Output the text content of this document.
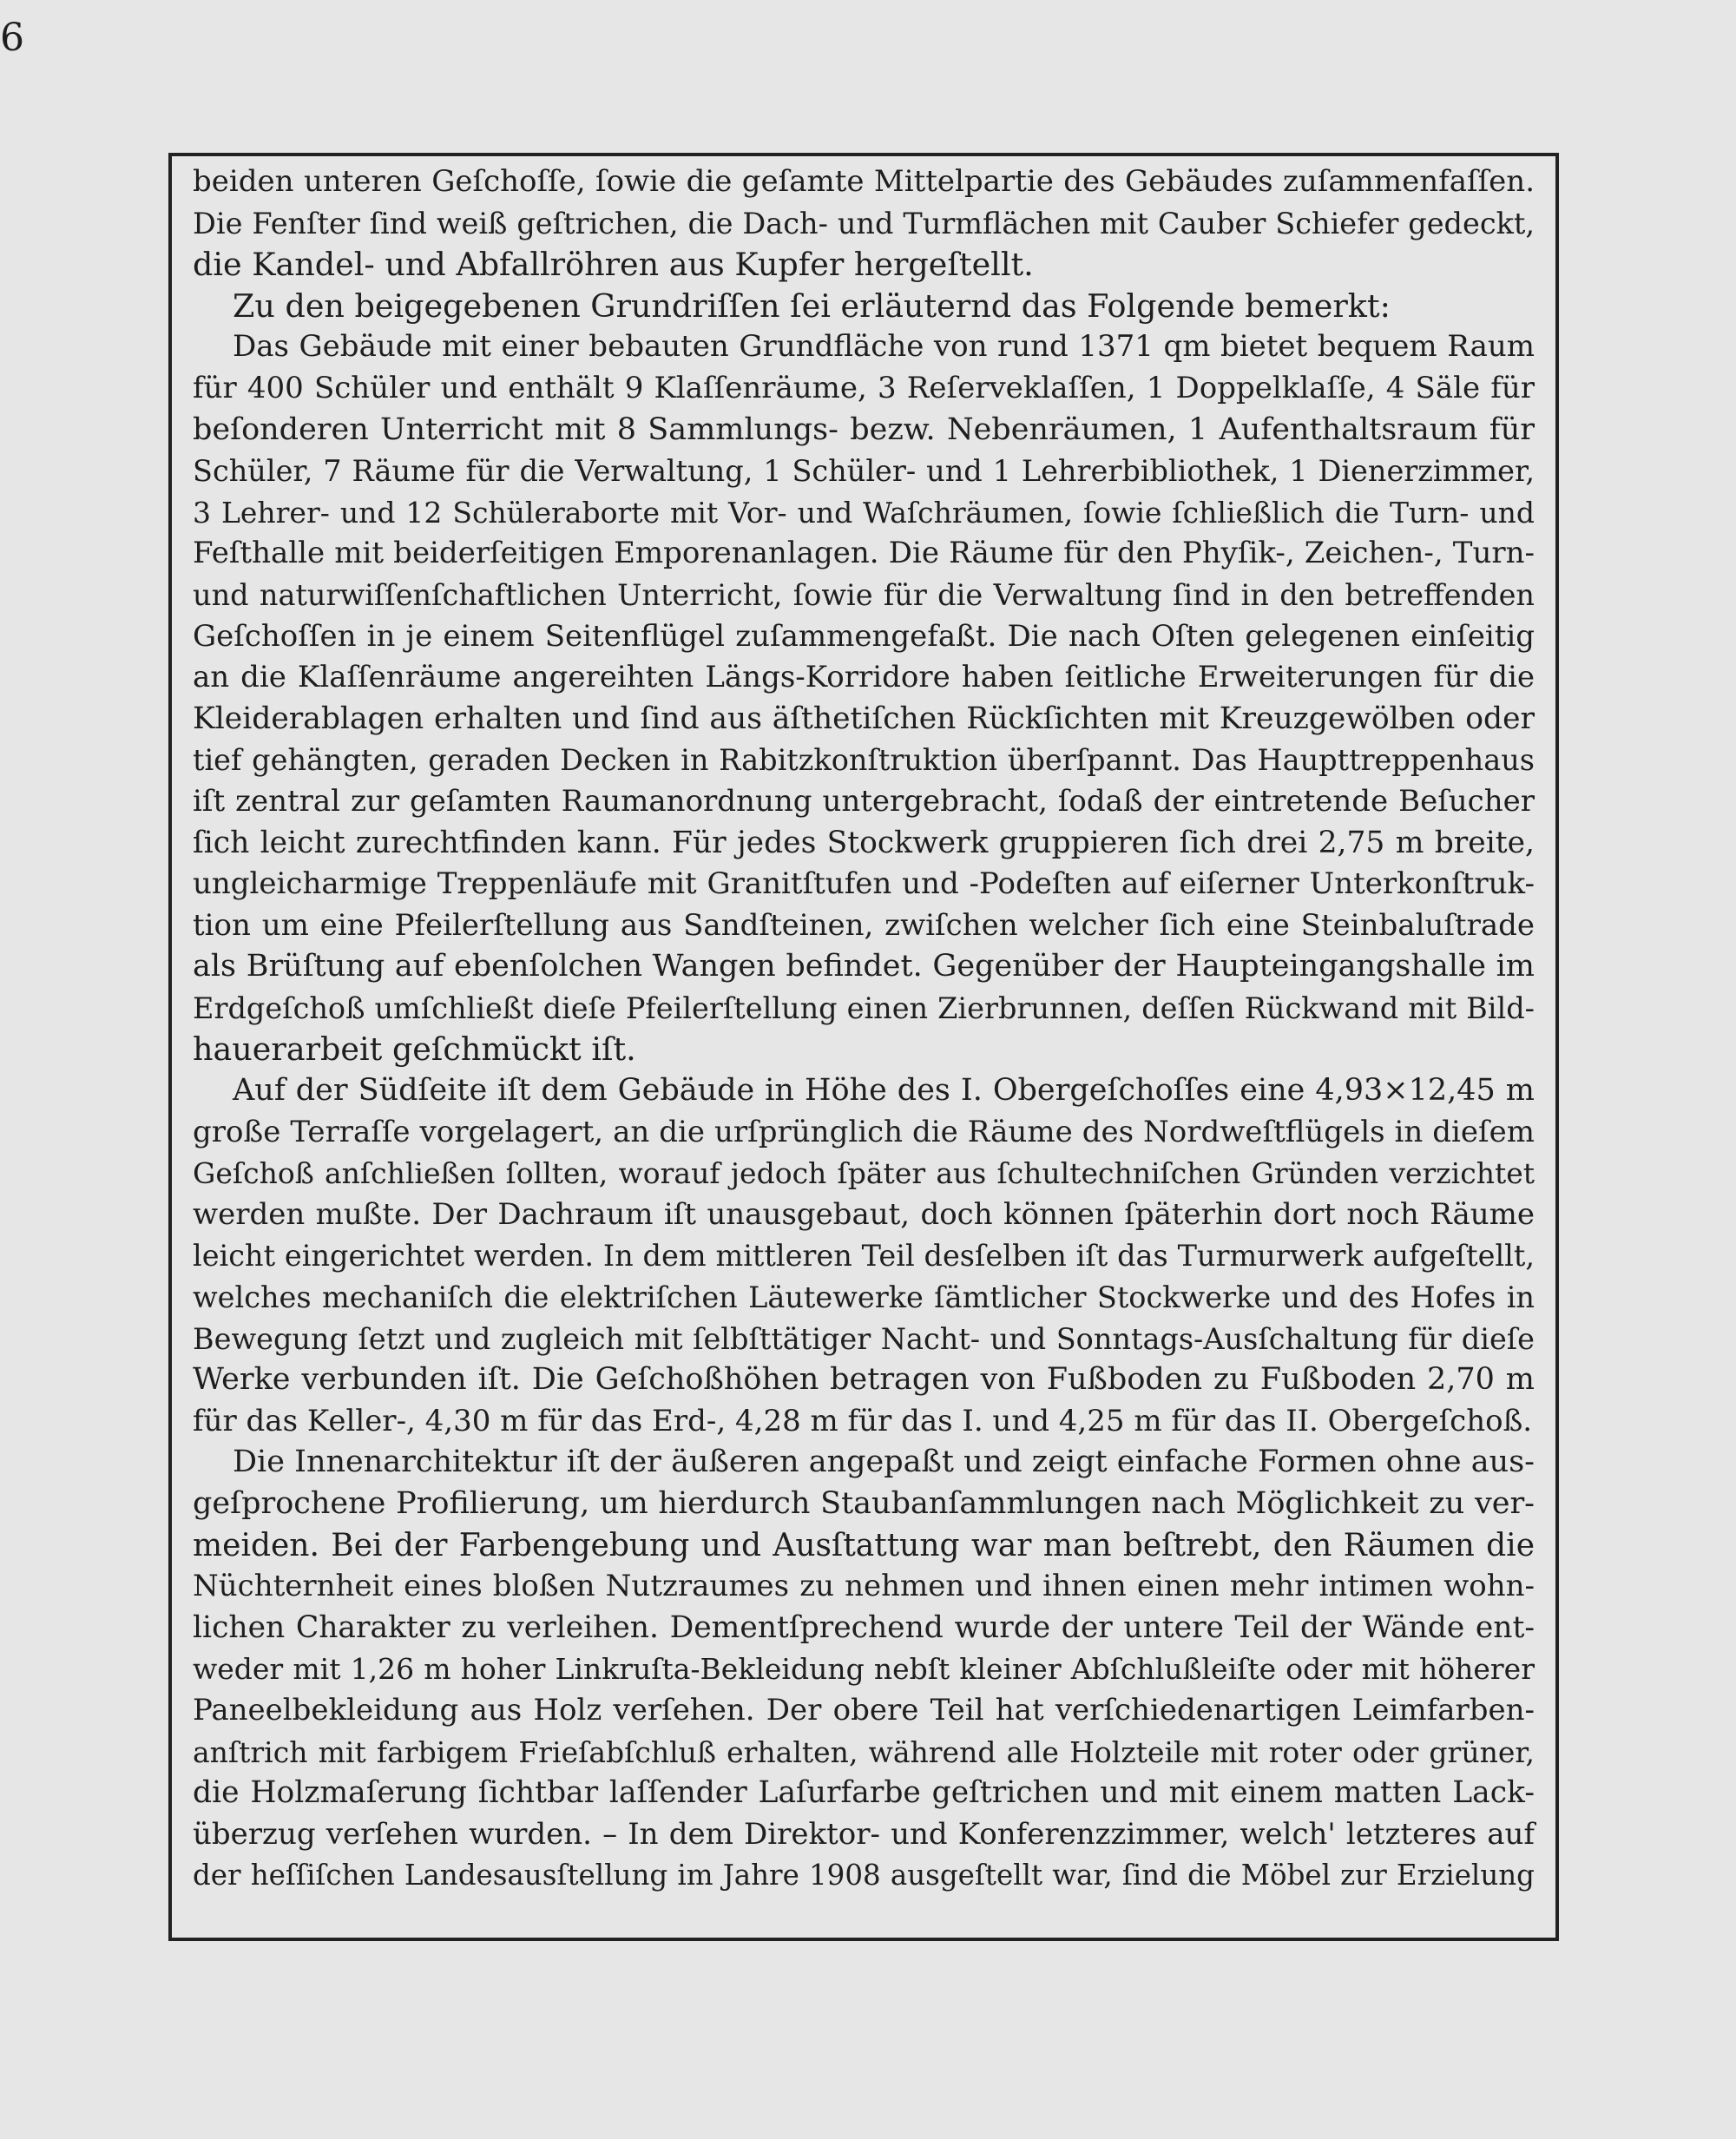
6
beiden unteren Geſchoſſe, ſowie die geſamte Mittelpartie des Gebäudes zuſammenfaſſen.
Die Fenſter ſind weiß geſtrichen, die Dach- und Turmflächen mit Cauber Schiefer gedeckt,
die Kandel- und Abfallröhren aus Kupfer hergeſtellt.
Zu den beigegebenen Grundriſſen ſei erläuternd das Folgende bemerkt:
Das Gebäude mit einer bebauten Grundfläche von rund 1371 qm bietet bequem Raum
für 400 Schüler und enthält 9 Klaſſenräume, 3 Reſerveklaſſen, 1 Doppelklaſſe, 4 Säle für
beſonderen Unterricht mit 8 Sammlungs- bezw. Nebenräumen, 1 Aufenthaltsraum für
Schüler, 7 Räume für die Verwaltung, 1 Schüler- und 1 Lehrerbibliothek, 1 Dienerzimmer,
3 Lehrer- und 12 Schüleraborte mit Vor- und Waſchräumen, ſowie ſchließlich die Turn- und
Feſthalle mit beiderſeitigen Emporenanlagen. Die Räume für den Phyſik-, Zeichen-, Turn-
und naturwiſſenſchaftlichen Unterricht, ſowie für die Verwaltung ſind in den betreffenden
Geſchoſſen in je einem Seitenflügel zuſammengefaßt. Die nach Oſten gelegenen einſeitig
an die Klaſſenräume angereihten Längs-Korridore haben ſeitliche Erweiterungen für die
Kleiderablagen erhalten und ſind aus äſthetiſchen Rückſichten mit Kreuzgewölben oder
tief gehängten, geraden Decken in Rabitzkonſtruktion überſpannt. Das Haupttreppenhaus
iſt zentral zur geſamten Raumanordnung untergebracht, ſodaß der eintretende Beſucher
ſich leicht zurechtfinden kann. Für jedes Stockwerk gruppieren ſich drei 2,75 m breite,
ungleicharmige Treppenläufe mit Granitſtufen und -Podeſten auf eiſerner Unterkonſtruk-
tion um eine Pfeilerſtellung aus Sandſteinen, zwiſchen welcher ſich eine Steinbaluſtrade
als Brüſtung auf ebenſolchen Wangen befindet. Gegenüber der Haupteingangshalle im
Erdgeſchoß umſchließt dieſe Pfeilerſtellung einen Zierbrunnen, deſſen Rückwand mit Bild-
hauerarbeit geſchmückt iſt.
Auf der Südſeite iſt dem Gebäude in Höhe des I. Obergeſchoſſes eine 4,93×12,45 m
große Terraſſe vorgelagert, an die urſprünglich die Räume des Nordweſtflügels in dieſem
Geſchoß anſchließen ſollten, worauf jedoch ſpäter aus ſchultechniſchen Gründen verzichtet
werden mußte. Der Dachraum iſt unausgebaut, doch können ſpäterhin dort noch Räume
leicht eingerichtet werden. In dem mittleren Teil desſelben iſt das Turmurwerk aufgeſtellt,
welches mechaniſch die elektriſchen Läutewerke ſämtlicher Stockwerke und des Hofes in
Bewegung ſetzt und zugleich mit ſelbſttätiger Nacht- und Sonntags-Ausſchaltung für dieſe
Werke verbunden iſt. Die Geſchoßhöhen betragen von Fußboden zu Fußboden 2,70 m
für das Keller-, 4,30 m für das Erd-, 4,28 m für das I. und 4,25 m für das II. Obergeſchoß.
Die Innenarchitektur iſt der äußeren angepaßt und zeigt einfache Formen ohne aus-
geſprochene Profilierung, um hierdurch Staubanſammlungen nach Möglichkeit zu ver-
meiden. Bei der Farbengebung und Ausſtattung war man beſtrebt, den Räumen die
Nüchternheit eines bloßen Nutzraumes zu nehmen und ihnen einen mehr intimen wohn-
lichen Charakter zu verleihen. Dementſprechend wurde der untere Teil der Wände ent-
weder mit 1,26 m hoher Linkruſta-Bekleidung nebſt kleiner Abſchlußleiſte oder mit höherer
Paneelbekleidung aus Holz verſehen. Der obere Teil hat verſchiedenartigen Leimfarben-
anſtrich mit farbigem Frieſabſchluß erhalten, während alle Holzteile mit roter oder grüner,
die Holzmaſerung ſichtbar laſſender Laſurfarbe geſtrichen und mit einem matten Lack-
überzug verſehen wurden. – In dem Direktor- und Konferenzzimmer, welch' letzteres auf
der heſſiſchen Landesausſtellung im Jahre 1908 ausgeſtellt war, ſind die Möbel zur Erzielung
